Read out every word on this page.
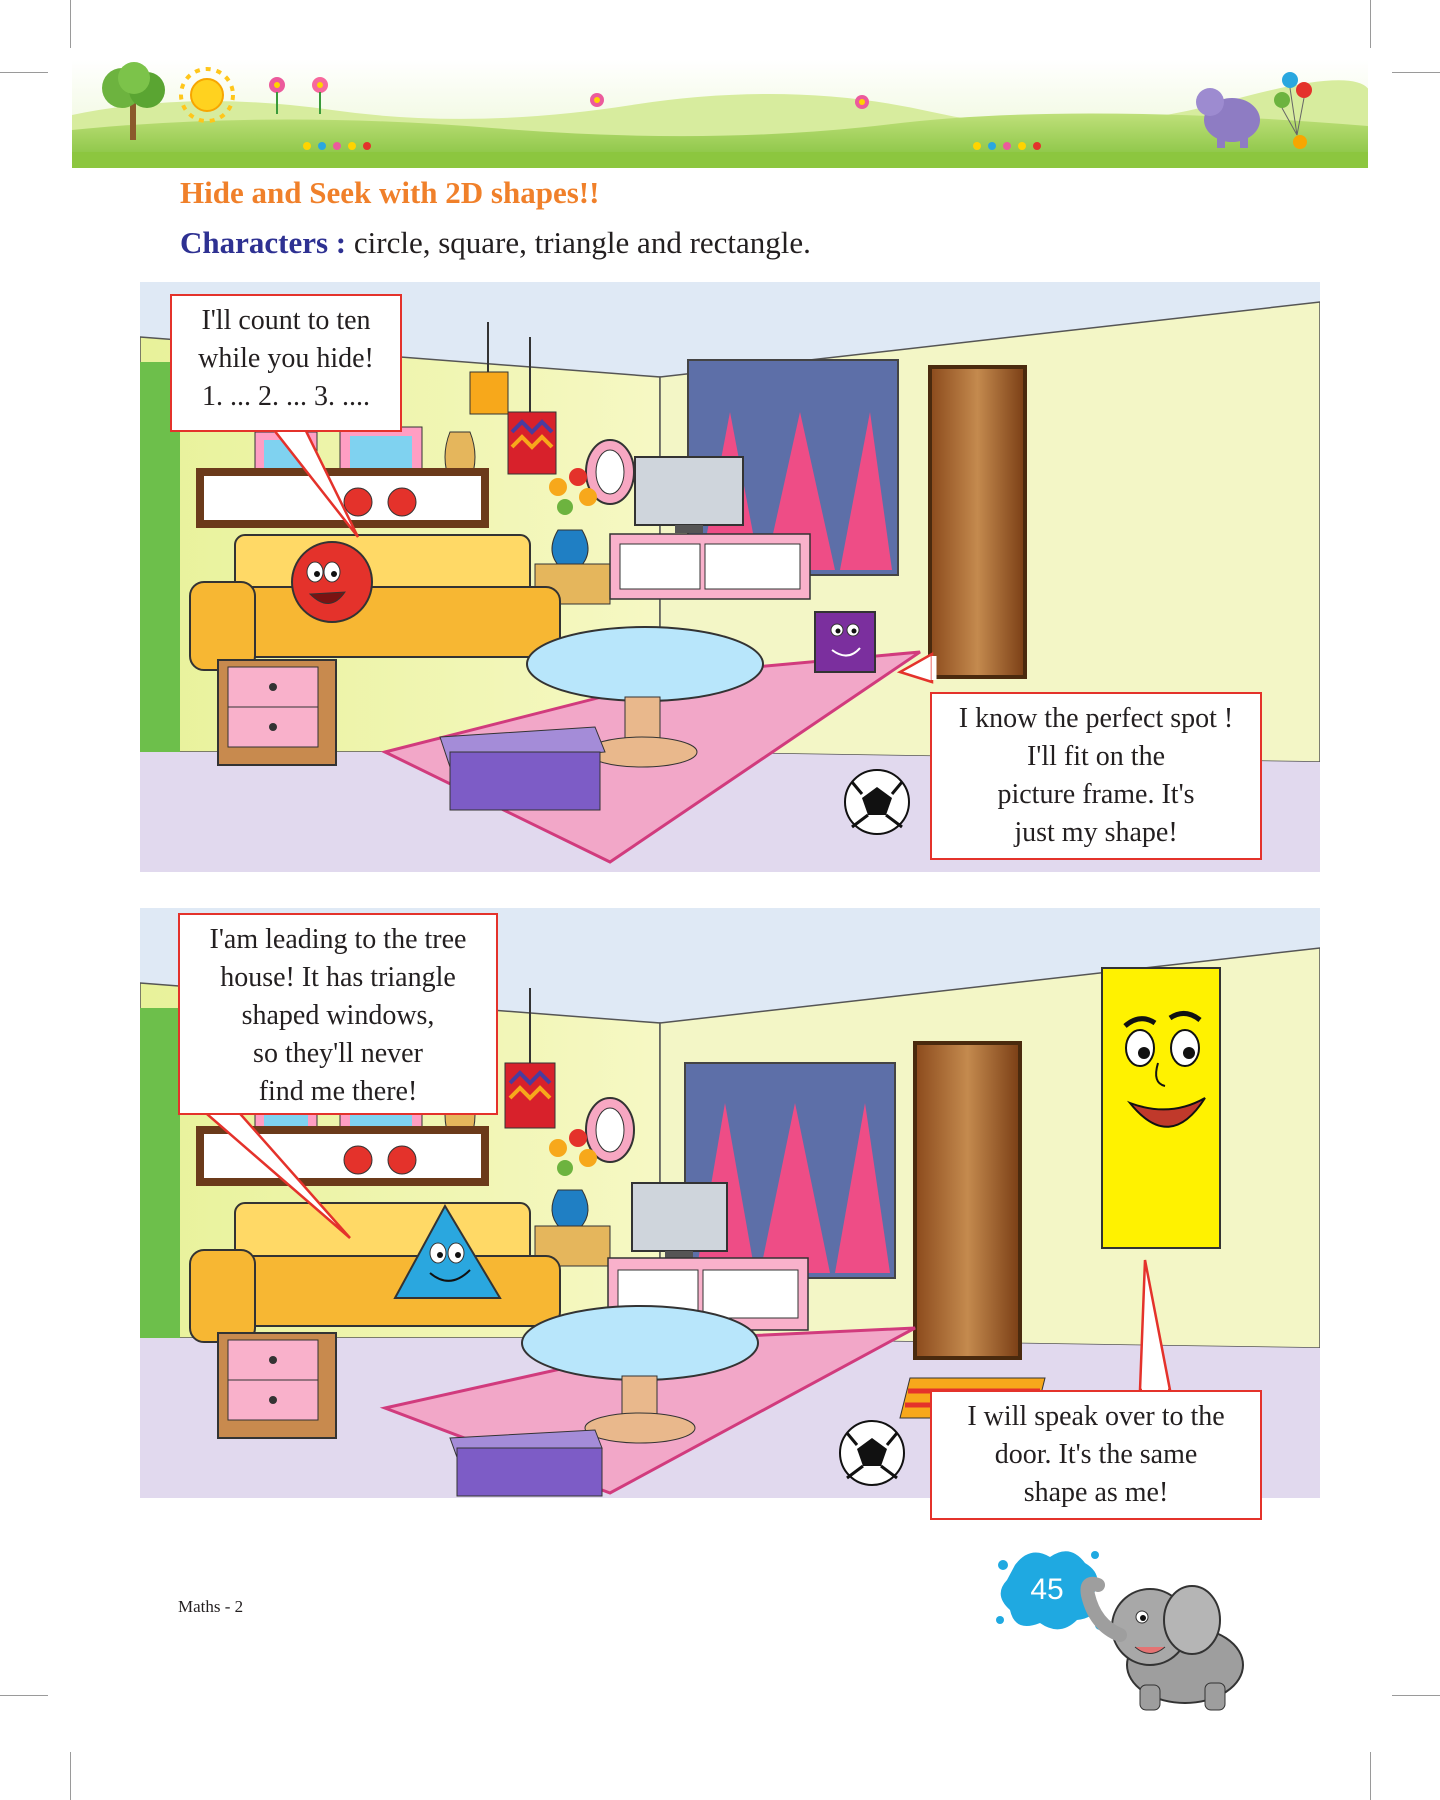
Hide and Seek with 2D shapes!!

Characters : circle, square, triangle and rectangle.

I'll count to ten
while you hide!
1. ... 2. ... 3. ....
I know the perfect spot !
I'll fit on the
picture frame. It's
just my shape!
I'am leading to the tree
house! It has triangle
shaped windows,
so they'll never
find me there!
I will speak over to the
door. It's the same
shape as me!
Maths - 2
45
